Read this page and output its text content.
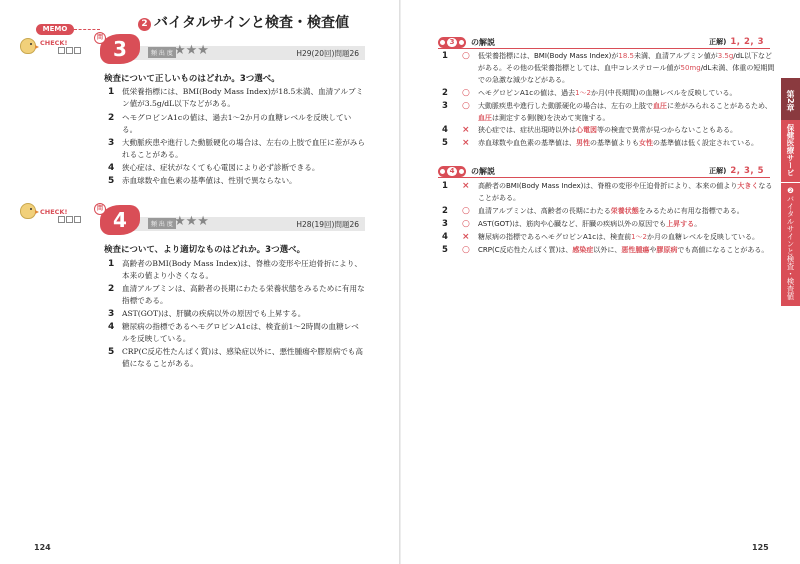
MEMO
CHECK!
CHECK!
2 バイタルサインと検査・検査値
3
問
頻 出 度 ★★★	H29(20回)問題26
検査について正しいものはどれか。3つ選べ。
1 低栄養指標には、BMI(Body Mass Index)が18.5未満、血清アルブミン値が3.5g/dL以下などがある。
2 ヘモグロビンA1cの値は、過去1～2か月の血糖レベルを反映している。
3 大動脈疾患や進行した動脈硬化の場合は、左右の上肢で血圧に差がみられることがある。
4 狭心症は、症状がなくても心電図により必ず診断できる。
5 赤血球数や血色素の基準値は、性別で異ならない。
4
問
頻 出 度 ★★★	H28(19回)問題26
検査について、より適切なものはどれか。3つ選べ。
1 高齢者のBMI(Body Mass Index)は、脊椎の変形や圧迫骨折により、本来の値より小さくなる。
2 血清アルブミンは、高齢者の長期にわたる栄養状態をみるために有用な指標である。
3 AST(GOT)は、肝臓の疾病以外の原因でも上昇する。
4 糖尿病の指標であるヘモグロビンA1cは、検査前1～2時間の血糖レベルを反映している。
5 CRP(C反応性たんぱく質)は、感染症以外に、悪性腫瘍や膠原病でも高値になることがある。
124
3	の解説	正解) 1, 2, 3
1 ○ 低栄養指標には、BMI(Body Mass Index)が18.5未満、血清アルブミン値が3.5g/dL以下などがある。その他の低栄養指標としては、血中コレステロール値が50mg/dL未満、体重の短期間での急激な減少などがある。
2 ○ ヘモグロビンA1cの値は、過去1～2か月(中長期間)の血糖レベルを反映している。
3 ○ 大動脈疾患や進行した動脈硬化の場合は、左右の上肢で血圧に差がみられることがあるため、血圧は測定する側(腕)を決めて実施する。
4 × 狭心症では、症状出現時以外は心電図等の検査で異常が見つからないこともある。
5 × 赤血球数や血色素の基準値は、男性の基準値よりも女性の基準値は低く設定されている。
4	の解説	正解) 2, 3, 5
1 × 高齢者のBMI(Body Mass Index)は、脊椎の変形や圧迫骨折により、本来の値より大きくなることがある。
2 ○ 血清アルブミンは、高齢者の長期にわたる栄養状態をみるために有用な指標である。
3 ○ AST(GOT)は、筋肉や心臓など、肝臓の疾病以外の原因でも上昇する。
4 × 糖尿病の指標であるヘモグロビンA1cは、検査前1～2か月の血糖レベルを反映している。
5 ○ CRP(C反応性たんぱく質)は、感染症以外に、悪性腫瘍や膠原病でも高値になることがある。
第2章
保健医療サービス
❷バイタルサインと検査・検査値
125
